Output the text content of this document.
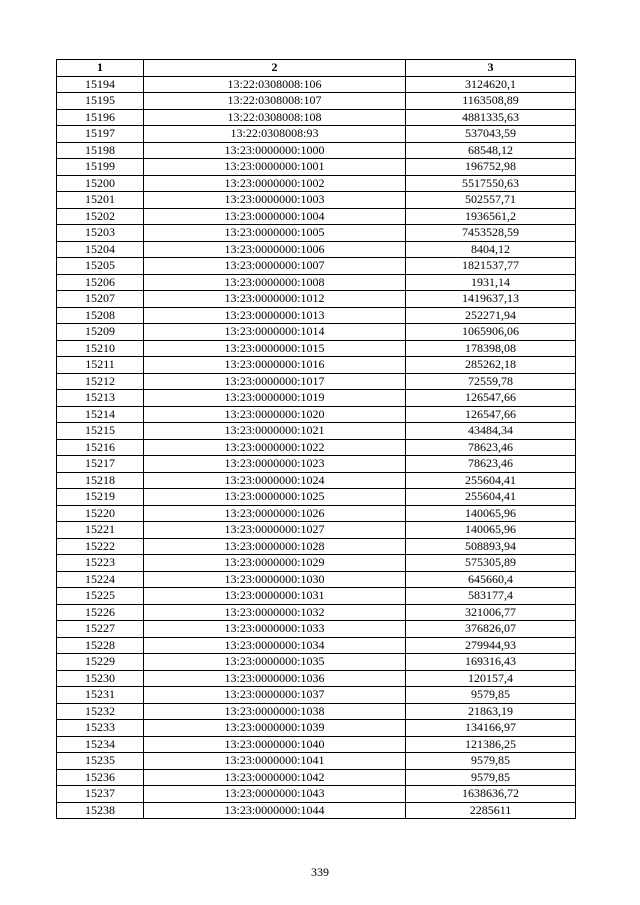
1	2	3
15194	13:22:0308008:106	3124620,1
15195	13:22:0308008:107	1163508,89
15196	13:22:0308008:108	4881335,63
15197	13:22:0308008:93	537043,59
15198	13:23:0000000:1000	68548,12
15199	13:23:0000000:1001	196752,98
15200	13:23:0000000:1002	5517550,63
15201	13:23:0000000:1003	502557,71
15202	13:23:0000000:1004	1936561,2
15203	13:23:0000000:1005	7453528,59
15204	13:23:0000000:1006	8404,12
15205	13:23:0000000:1007	1821537,77
15206	13:23:0000000:1008	1931,14
15207	13:23:0000000:1012	1419637,13
15208	13:23:0000000:1013	252271,94
15209	13:23:0000000:1014	1065906,06
15210	13:23:0000000:1015	178398,08
15211	13:23:0000000:1016	285262,18
15212	13:23:0000000:1017	72559,78
15213	13:23:0000000:1019	126547,66
15214	13:23:0000000:1020	126547,66
15215	13:23:0000000:1021	43484,34
15216	13:23:0000000:1022	78623,46
15217	13:23:0000000:1023	78623,46
15218	13:23:0000000:1024	255604,41
15219	13:23:0000000:1025	255604,41
15220	13:23:0000000:1026	140065,96
15221	13:23:0000000:1027	140065,96
15222	13:23:0000000:1028	508893,94
15223	13:23:0000000:1029	575305,89
15224	13:23:0000000:1030	645660,4
15225	13:23:0000000:1031	583177,4
15226	13:23:0000000:1032	321006,77
15227	13:23:0000000:1033	376826,07
15228	13:23:0000000:1034	279944,93
15229	13:23:0000000:1035	169316,43
15230	13:23:0000000:1036	120157,4
15231	13:23:0000000:1037	9579,85
15232	13:23:0000000:1038	21863,19
15233	13:23:0000000:1039	134166,97
15234	13:23:0000000:1040	121386,25
15235	13:23:0000000:1041	9579,85
15236	13:23:0000000:1042	9579,85
15237	13:23:0000000:1043	1638636,72
15238	13:23:0000000:1044	2285611
339
